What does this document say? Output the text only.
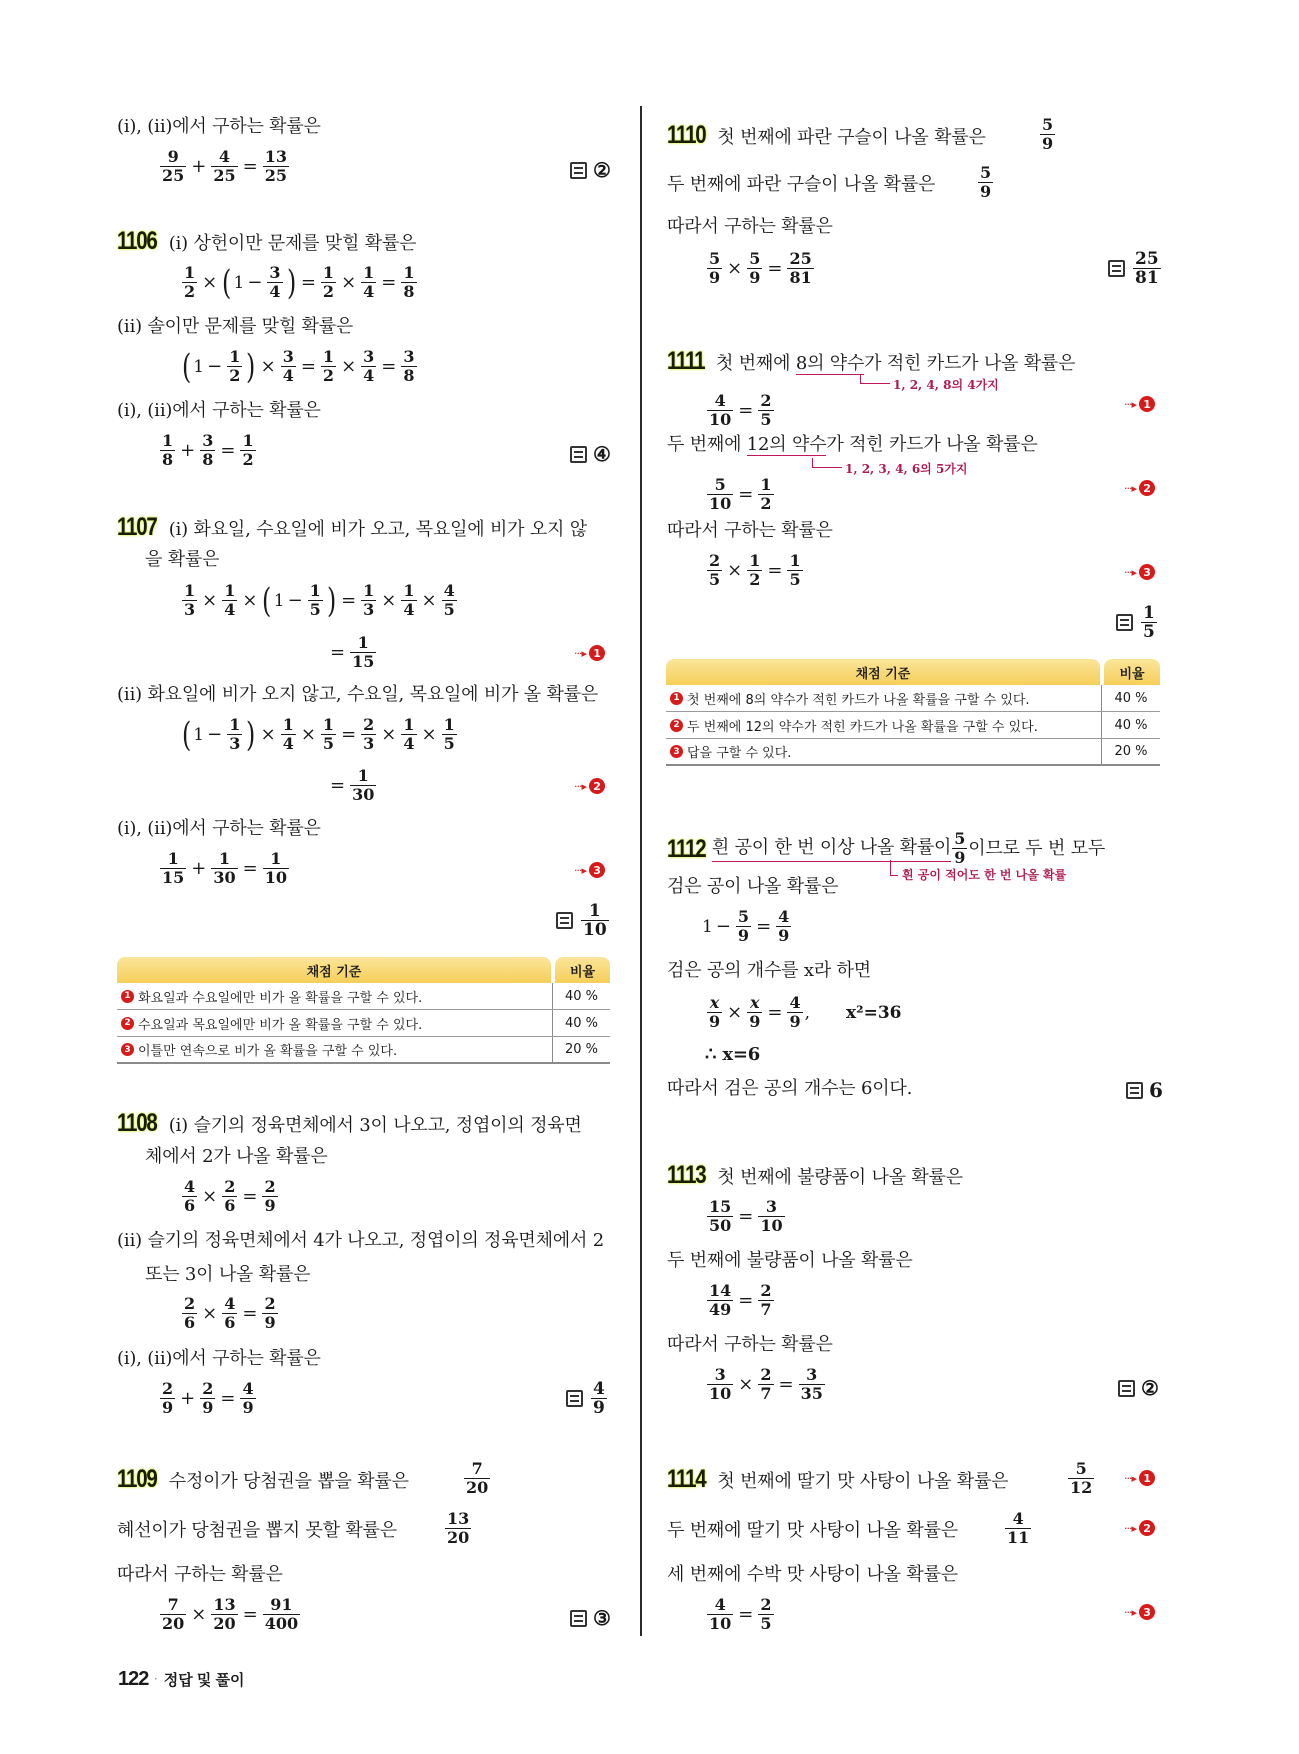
(ⅰ), (ⅱ)에서 구하는 확률은
$\frac{9}{25} + \frac{4}{25} = \frac{13}{25}$	②
1106 (ⅰ) 상헌이만 문제를 맞힐 확률은
$\frac{1}{2}$ × ( $1 - \frac{3}{4}$ ) = $\frac{1}{2} \times \frac{1}{4} = \frac{1}{8}$
(ⅱ) 솔이만 문제를 맞힐 확률은
( $1 - \frac{1}{2}$ ) × $\frac{3}{4} = \frac{1}{2} \times \frac{3}{4} = \frac{3}{8}$
(ⅰ), (ⅱ)에서 구하는 확률은
$\frac{1}{8} + \frac{3}{8} = \frac{1}{2}$	④
1107 (ⅰ) 화요일, 수요일에 비가 오고, 목요일에 비가 오지 않
을 확률은
$\frac{1}{3} \times \frac{1}{4}$ × ( $1 - \frac{1}{5}$ ) = $\frac{1}{3} \times \frac{1}{4} \times \frac{4}{5}$
= $\frac{1}{15}$	···▸ 1
(ⅱ) 화요일에 비가 오지 않고, 수요일, 목요일에 비가 올 확률은
( $1 - \frac{1}{3}$ ) × $\frac{1}{4} \times \frac{1}{5} = \frac{2}{3} \times \frac{1}{4} \times \frac{1}{5}$
= $\frac{1}{30}$	···▸ 2
(ⅰ), (ⅱ)에서 구하는 확률은
$\frac{1}{15} + \frac{1}{30} = \frac{1}{10}$	···▸ 3
$\frac{1}{10}$
채점 기준	비율
1 화요일과 수요일에만 비가 올 확률을 구할 수 있다.	40 %
2 수요일과 목요일에만 비가 올 확률을 구할 수 있다.	40 %
3 이틀만 연속으로 비가 올 확률을 구할 수 있다.	20 %
1108 (ⅰ) 슬기의 정육면체에서 3이 나오고, 정엽이의 정육면
체에서 2가 나올 확률은
$\frac{4}{6} \times \frac{2}{6} = \frac{2}{9}$
(ⅱ) 슬기의 정육면체에서 4가 나오고, 정엽이의 정육면체에서 2
또는 3이 나올 확률은
$\frac{2}{6} \times \frac{4}{6} = \frac{2}{9}$
(ⅰ), (ⅱ)에서 구하는 확률은
$\frac{2}{9} + \frac{2}{9} = \frac{4}{9}$	$\frac{4}{9}$
1109 수정이가 당첨권을 뽑을 확률은	$\frac{7}{20}$
혜선이가 당첨권을 뽑지 못할 확률은	$\frac{13}{20}$
따라서 구하는 확률은
$\frac{7}{20} \times \frac{13}{20} = \frac{91}{400}$	③
1110 첫 번째에 파란 구슬이 나올 확률은	$\frac{5}{9}$
두 번째에 파란 구슬이 나올 확률은	$\frac{5}{9}$
따라서 구하는 확률은
$\frac{5}{9} \times \frac{5}{9} = \frac{25}{81}$	$\frac{25}{81}$
1111 첫 번째에 8의 약수가 적힌 카드가 나올 확률은
1, 2, 4, 8의 4가지
$\frac{4}{10} = \frac{2}{5}$	···▸ 1
두 번째에 12의 약수가 적힌 카드가 나올 확률은
1, 2, 3, 4, 6의 5가지
$\frac{5}{10} = \frac{1}{2}$	···▸ 2
따라서 구하는 확률은
$\frac{2}{5} \times \frac{1}{2} = \frac{1}{5}$	···▸ 3
$\frac{1}{5}$
채점 기준	비율
1 첫 번째에 8의 약수가 적힌 카드가 나올 확률을 구할 수 있다.	40 %
2 두 번째에 12의 약수가 적힌 카드가 나올 확률을 구할 수 있다.	40 %
3 답을 구할 수 있다.	20 %
1112 흰 공이 한 번 이상 나올 확률이 $\frac{5}{9}$ 이므로 두 번 모두
흰 공이 적어도 한 번 나올 확률
검은 공이 나올 확률은
$1 - \frac{5}{9} = \frac{4}{9}$
검은 공의 개수를 x라 하면
$\frac{x}{9} \times \frac{x}{9} = \frac{4}{9}$ , x²=36
∴ x=6
따라서 검은 공의 개수는 6이다.	6
1113 첫 번째에 불량품이 나올 확률은
$\frac{15}{50} = \frac{3}{10}$
두 번째에 불량품이 나올 확률은
$\frac{14}{49} = \frac{2}{7}$
따라서 구하는 확률은
$\frac{3}{10} \times \frac{2}{7} = \frac{3}{35}$	②
1114 첫 번째에 딸기 맛 사탕이 나올 확률은	$\frac{5}{12}$	···▸ 1
두 번째에 딸기 맛 사탕이 나올 확률은	$\frac{4}{11}$	···▸ 2
세 번째에 수박 맛 사탕이 나올 확률은
$\frac{4}{10} = \frac{2}{5}$	···▸ 3
122 · 정답 및 풀이
